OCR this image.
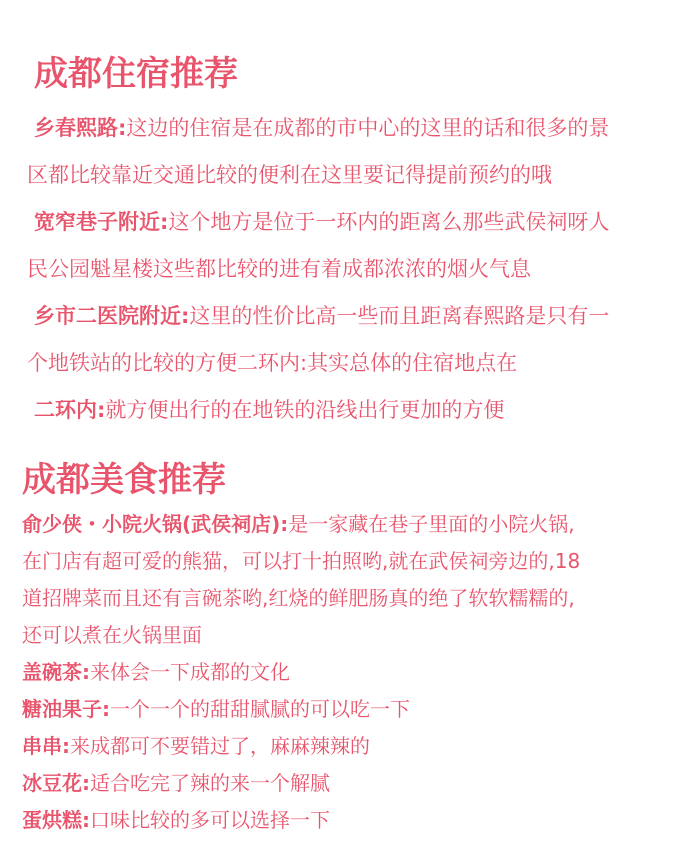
成都住宿推荐

乡春熙路:这边的住宿是在成都的市中心的这里的话和很多的景

区都比较靠近交通比较的便利在这里要记得提前预约的哦

宽窄巷子附近:这个地方是位于一环内的距离么那些武侯祠呀人

民公园魁星楼这些都比较的进有着成都浓浓的烟火气息

乡市二医院附近:这里的性价比高一些而且距离春熙路是只有一

个地铁站的比较的方便二环内:其实总体的住宿地点在

二环内:就方便出行的在地铁的沿线出行更加的方便

成都美食推荐

俞少侠・小院火锅(武侯祠店):是一家藏在巷子里面的小院火锅,

在门店有超可爱的熊猫，可以打十拍照哟,就在武侯祠旁边的,18

道招牌菜而且还有言碗茶哟,红烧的鲜肥肠真的绝了软软糯糯的,

还可以煮在火锅里面

盖碗茶:来体会一下成都的文化

糖油果子:一个一个的甜甜腻腻的可以吃一下

串串:来成都可不要错过了，麻麻辣辣的

冰豆花:适合吃完了辣的来一个解腻

蛋烘糕:口味比较的多可以选择一下
